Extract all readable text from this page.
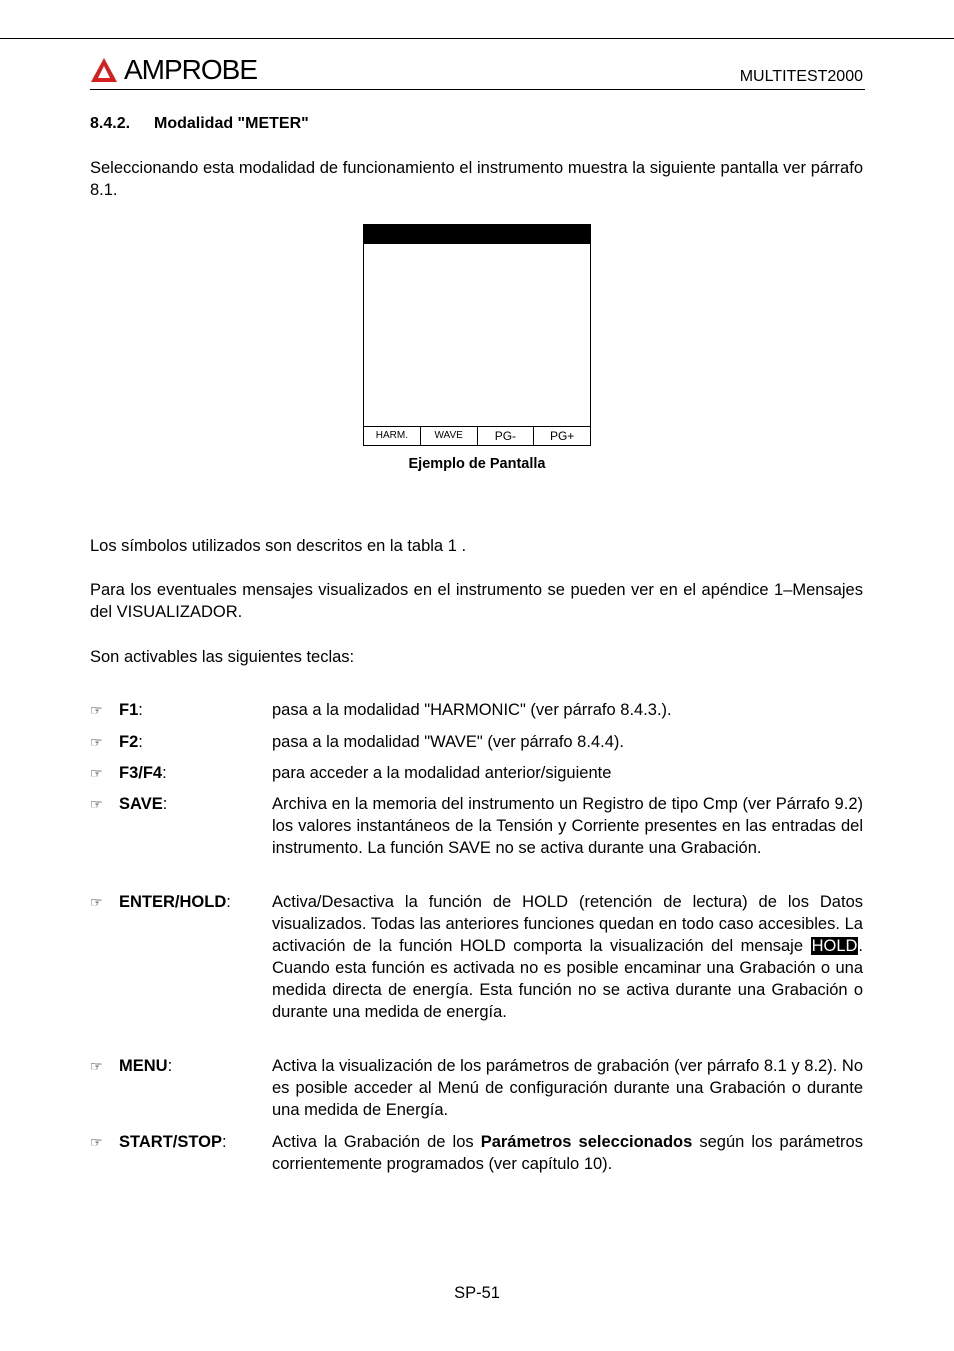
AMPROBE	MULTITEST2000
8.4.2. Modalidad "METER"
Seleccionando esta modalidad de funcionamiento el instrumento muestra la siguiente pantalla ver párrafo 8.1.
HARM.	WAVE	PG-	PG+
Ejemplo de Pantalla
Los símbolos utilizados son descritos en la tabla 1 .
Para los eventuales mensajes visualizados en el instrumento se pueden ver en el apéndice 1–Mensajes del VISUALIZADOR.
Son activables las siguientes teclas:
☞ F1:	pasa a la modalidad "HARMONIC" (ver párrafo 8.4.3.).
☞ F2:	pasa a la modalidad "WAVE" (ver párrafo 8.4.4).
☞ F3/F4:	para acceder a la modalidad anterior/siguiente
☞ SAVE:	Archiva en la memoria del instrumento un Registro de tipo Cmp (ver Párrafo 9.2) los valores instantáneos de la Tensión y Corriente presentes en las entradas del instrumento. La función SAVE no se activa durante una Grabación.
☞ ENTER/HOLD: Activa/Desactiva la función de HOLD (retención de lectura) de los Datos visualizados. Todas las anteriores funciones quedan en todo caso accesibles. La activación de la función HOLD comporta la visualización del mensaje HOLD. Cuando esta función es activada no es posible encaminar una Grabación o una medida directa de energía. Esta función no se activa durante una Grabación o durante una medida de energía.
☞ MENU:	Activa la visualización de los parámetros de grabación (ver párrafo 8.1 y 8.2). No es posible acceder al Menú de configuración durante una Grabación o durante una medida de Energía.
☞ START/STOP:	Activa la Grabación de los Parámetros seleccionados según los parámetros corrientemente programados (ver capítulo 10).
SP-51
